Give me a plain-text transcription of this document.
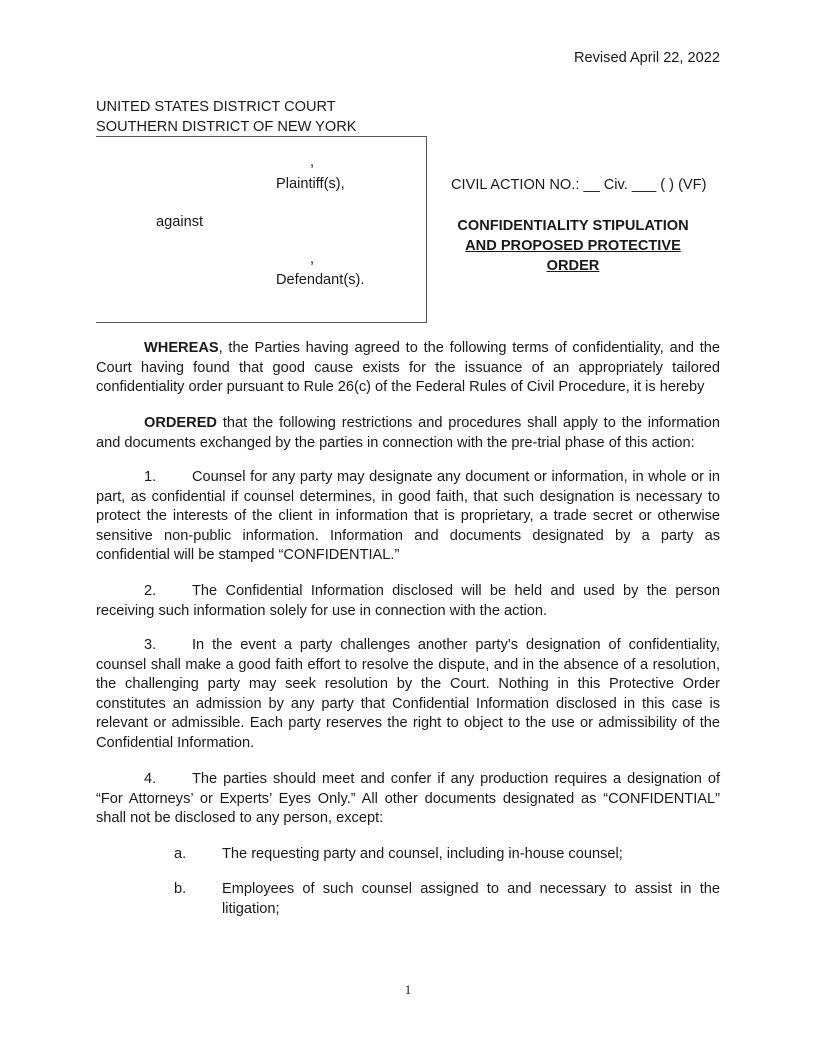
Revised April 22, 2022
UNITED STATES DISTRICT COURT
SOUTHERN DISTRICT OF NEW YORK
,
Plaintiff(s),
against
,
Defendant(s).
CIVIL ACTION NO.: __ Civ. ___ ( ) (VF)
CONFIDENTIALITY STIPULATION
AND PROPOSED PROTECTIVE ORDER
WHEREAS, the Parties having agreed to the following terms of confidentiality, and the Court having found that good cause exists for the issuance of an appropriately tailored confidentiality order pursuant to Rule 26(c) of the Federal Rules of Civil Procedure, it is hereby
ORDERED that the following restrictions and procedures shall apply to the information and documents exchanged by the parties in connection with the pre-trial phase of this action:
1. Counsel for any party may designate any document or information, in whole or in part, as confidential if counsel determines, in good faith, that such designation is necessary to protect the interests of the client in information that is proprietary, a trade secret or otherwise sensitive non-public information. Information and documents designated by a party as confidential will be stamped “CONFIDENTIAL.”
2. The Confidential Information disclosed will be held and used by the person receiving such information solely for use in connection with the action.
3. In the event a party challenges another party’s designation of confidentiality, counsel shall make a good faith effort to resolve the dispute, and in the absence of a resolution, the challenging party may seek resolution by the Court. Nothing in this Protective Order constitutes an admission by any party that Confidential Information disclosed in this case is relevant or admissible. Each party reserves the right to object to the use or admissibility of the Confidential Information.
4. The parties should meet and confer if any production requires a designation of “For Attorneys’ or Experts’ Eyes Only.” All other documents designated as “CONFIDENTIAL” shall not be disclosed to any person, except:
a.	The requesting party and counsel, including in-house counsel;
b.	Employees of such counsel assigned to and necessary to assist in the litigation;
1
